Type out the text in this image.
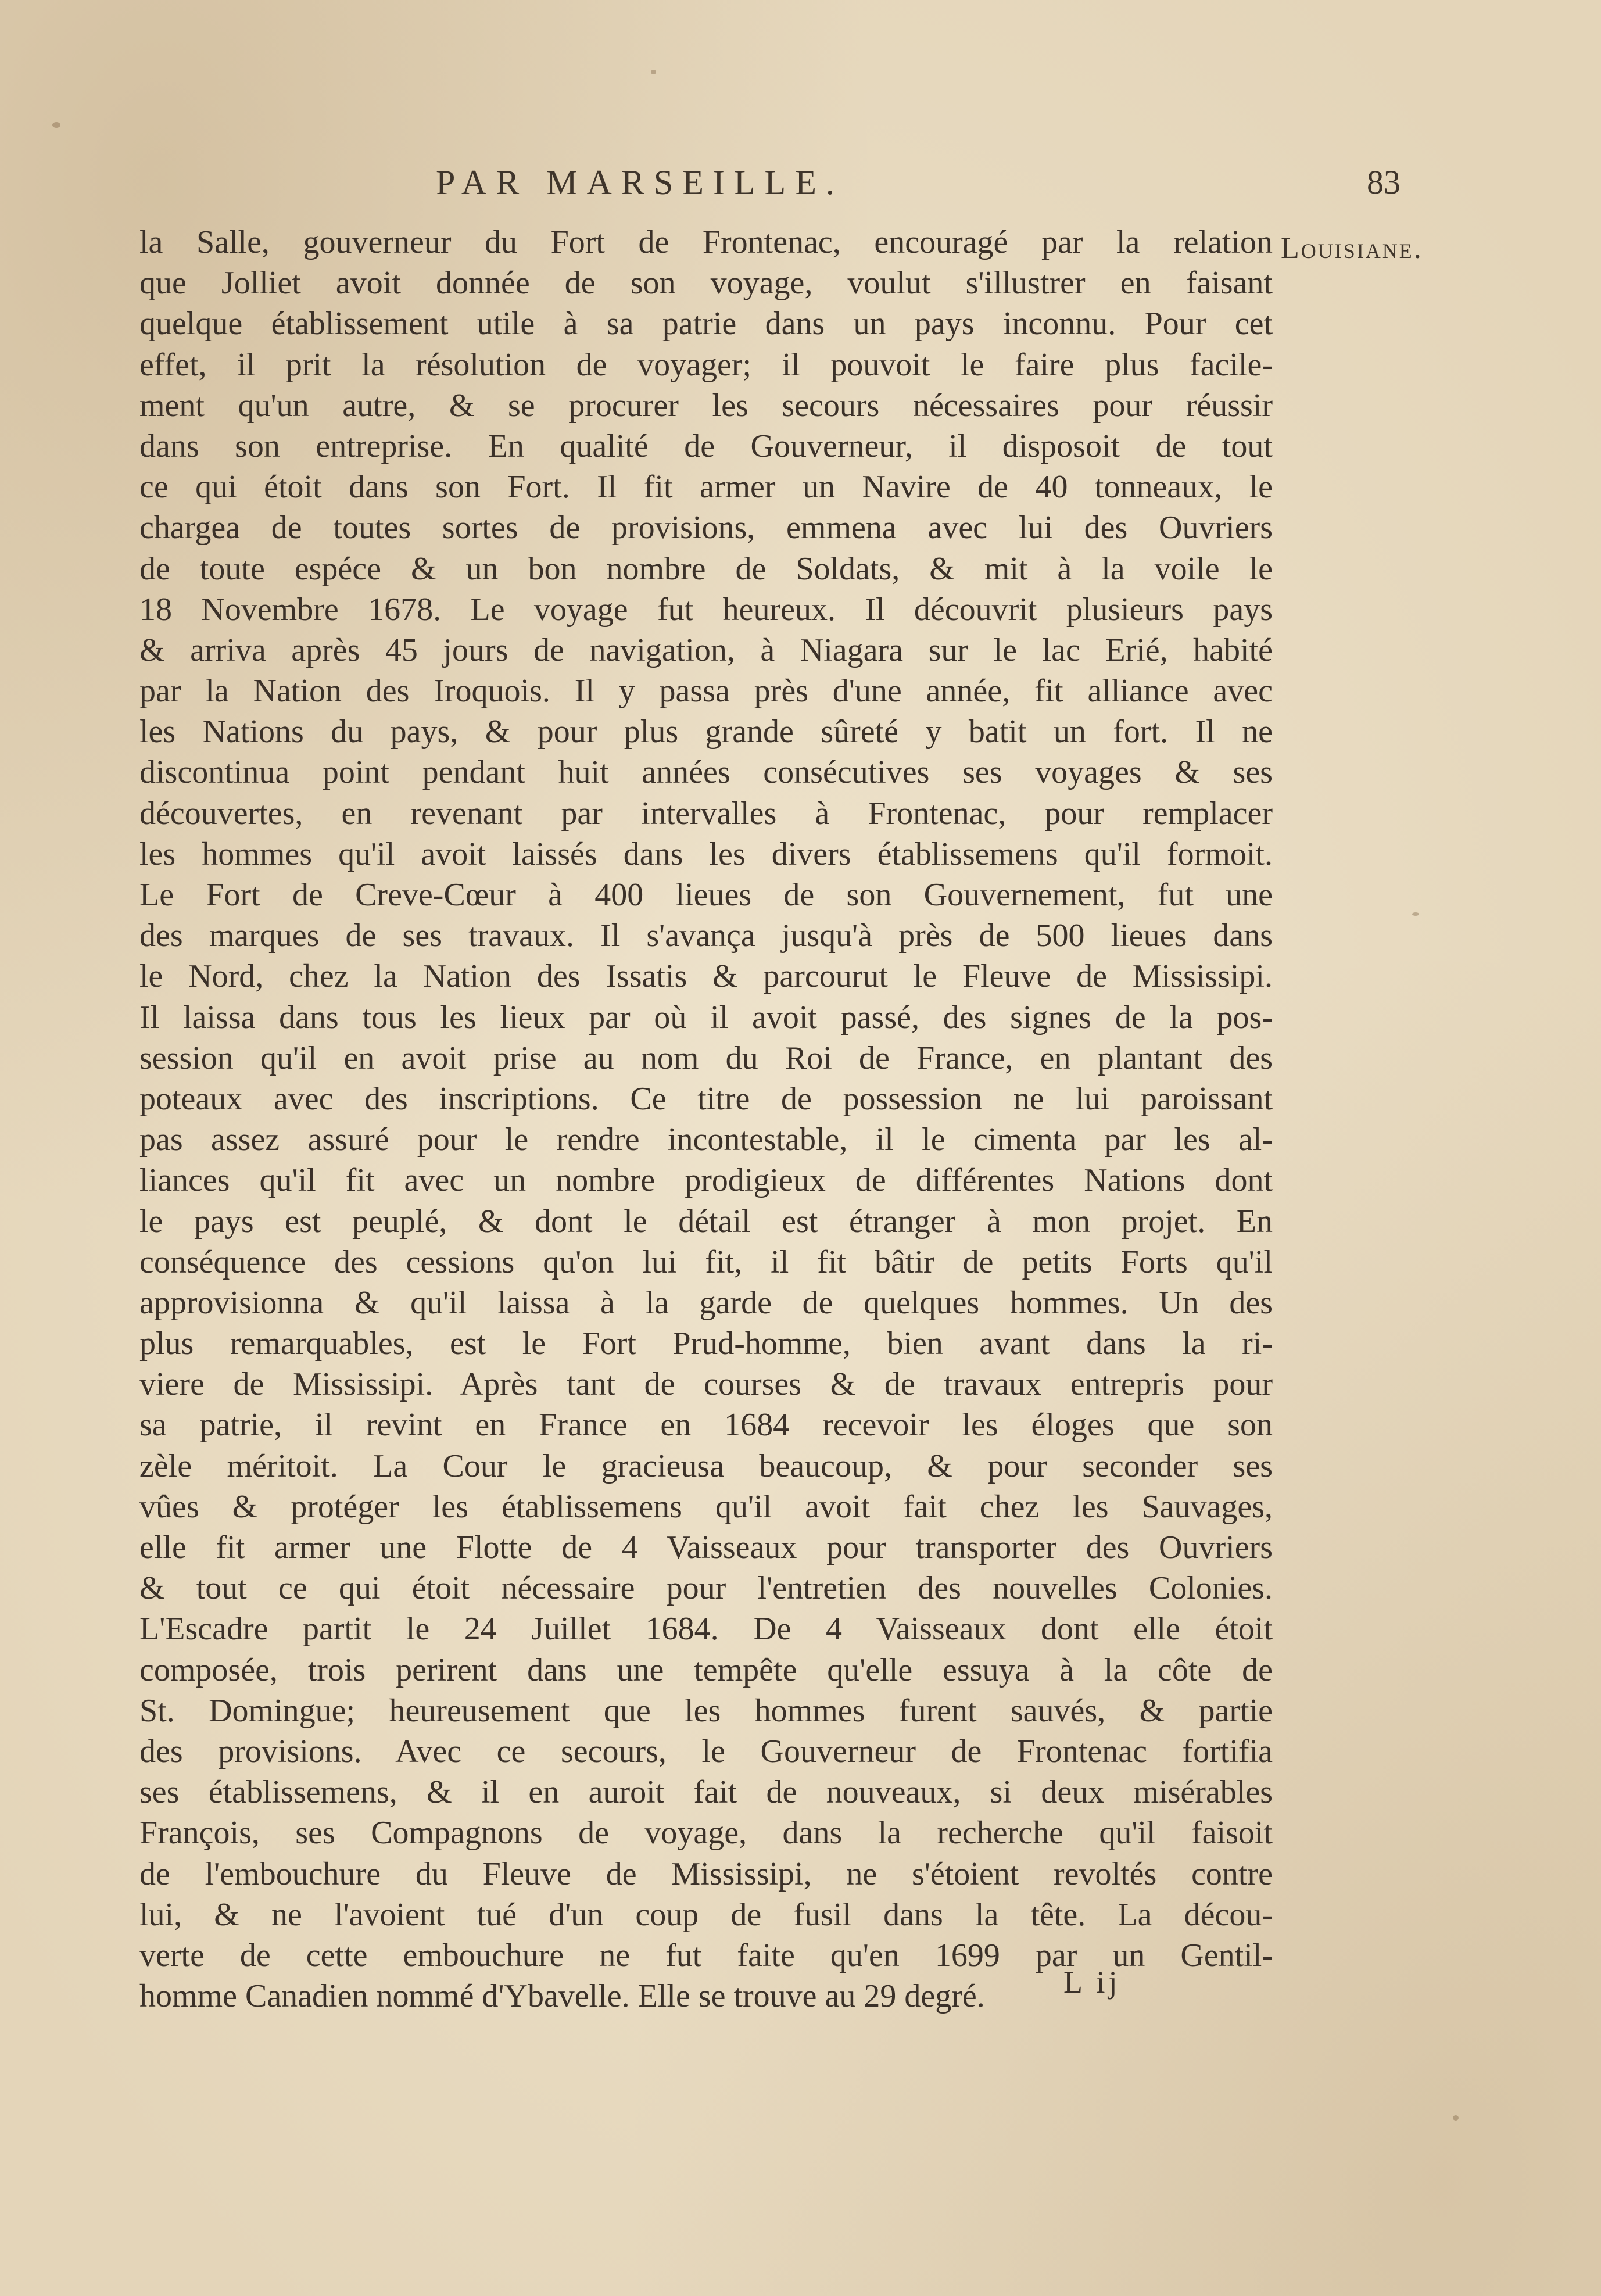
PAR MARSEILLE.	83
Louisiane.
la Salle, gouverneur du Fort de Frontenac, encouragé par la relation
que Jolliet avoit donnée de son voyage, voulut s'illustrer en faisant
quelque établissement utile à sa patrie dans un pays inconnu. Pour cet
effet, il prit la résolution de voyager; il pouvoit le faire plus facile-
ment qu'un autre, & se procurer les secours nécessaires pour réussir
dans son entreprise. En qualité de Gouverneur, il disposoit de tout
ce qui étoit dans son Fort. Il fit armer un Navire de 40 tonneaux, le
chargea de toutes sortes de provisions, emmena avec lui des Ouvriers
de toute espéce & un bon nombre de Soldats, & mit à la voile le
18 Novembre 1678. Le voyage fut heureux. Il découvrit plusieurs pays
& arriva après 45 jours de navigation, à Niagara sur le lac Erié, habité
par la Nation des Iroquois. Il y passa près d'une année, fit alliance avec
les Nations du pays, & pour plus grande sûreté y batit un fort. Il ne
discontinua point pendant huit années consécutives ses voyages & ses
découvertes, en revenant par intervalles à Frontenac, pour remplacer
les hommes qu'il avoit laissés dans les divers établissemens qu'il formoit.
Le Fort de Creve-Cœur à 400 lieues de son Gouvernement, fut une
des marques de ses travaux. Il s'avança jusqu'à près de 500 lieues dans
le Nord, chez la Nation des Issatis & parcourut le Fleuve de Mississipi.
Il laissa dans tous les lieux par où il avoit passé, des signes de la pos-
session qu'il en avoit prise au nom du Roi de France, en plantant des
poteaux avec des inscriptions. Ce titre de possession ne lui paroissant
pas assez assuré pour le rendre incontestable, il le cimenta par les al-
liances qu'il fit avec un nombre prodigieux de différentes Nations dont
le pays est peuplé, & dont le détail est étranger à mon projet. En
conséquence des cessions qu'on lui fit, il fit bâtir de petits Forts qu'il
approvisionna & qu'il laissa à la garde de quelques hommes. Un des
plus remarquables, est le Fort Prud-homme, bien avant dans la ri-
viere de Mississipi. Après tant de courses & de travaux entrepris pour
sa patrie, il revint en France en 1684 recevoir les éloges que son
zèle méritoit. La Cour le gracieusa beaucoup, & pour seconder ses
vûes & protéger les établissemens qu'il avoit fait chez les Sauvages,
elle fit armer une Flotte de 4 Vaisseaux pour transporter des Ouvriers
& tout ce qui étoit nécessaire pour l'entretien des nouvelles Colonies.
L'Escadre partit le 24 Juillet 1684. De 4 Vaisseaux dont elle étoit
composée, trois perirent dans une tempête qu'elle essuya à la côte de
St. Domingue; heureusement que les hommes furent sauvés, & partie
des provisions. Avec ce secours, le Gouverneur de Frontenac fortifia
ses établissemens, & il en auroit fait de nouveaux, si deux misérables
François, ses Compagnons de voyage, dans la recherche qu'il faisoit
de l'embouchure du Fleuve de Mississipi, ne s'étoient revoltés contre
lui, & ne l'avoient tué d'un coup de fusil dans la tête. La décou-
verte de cette embouchure ne fut faite qu'en 1699 par un Gentil-
homme Canadien nommé d'Ybavelle. Elle se trouve au 29 degré.	L ij
